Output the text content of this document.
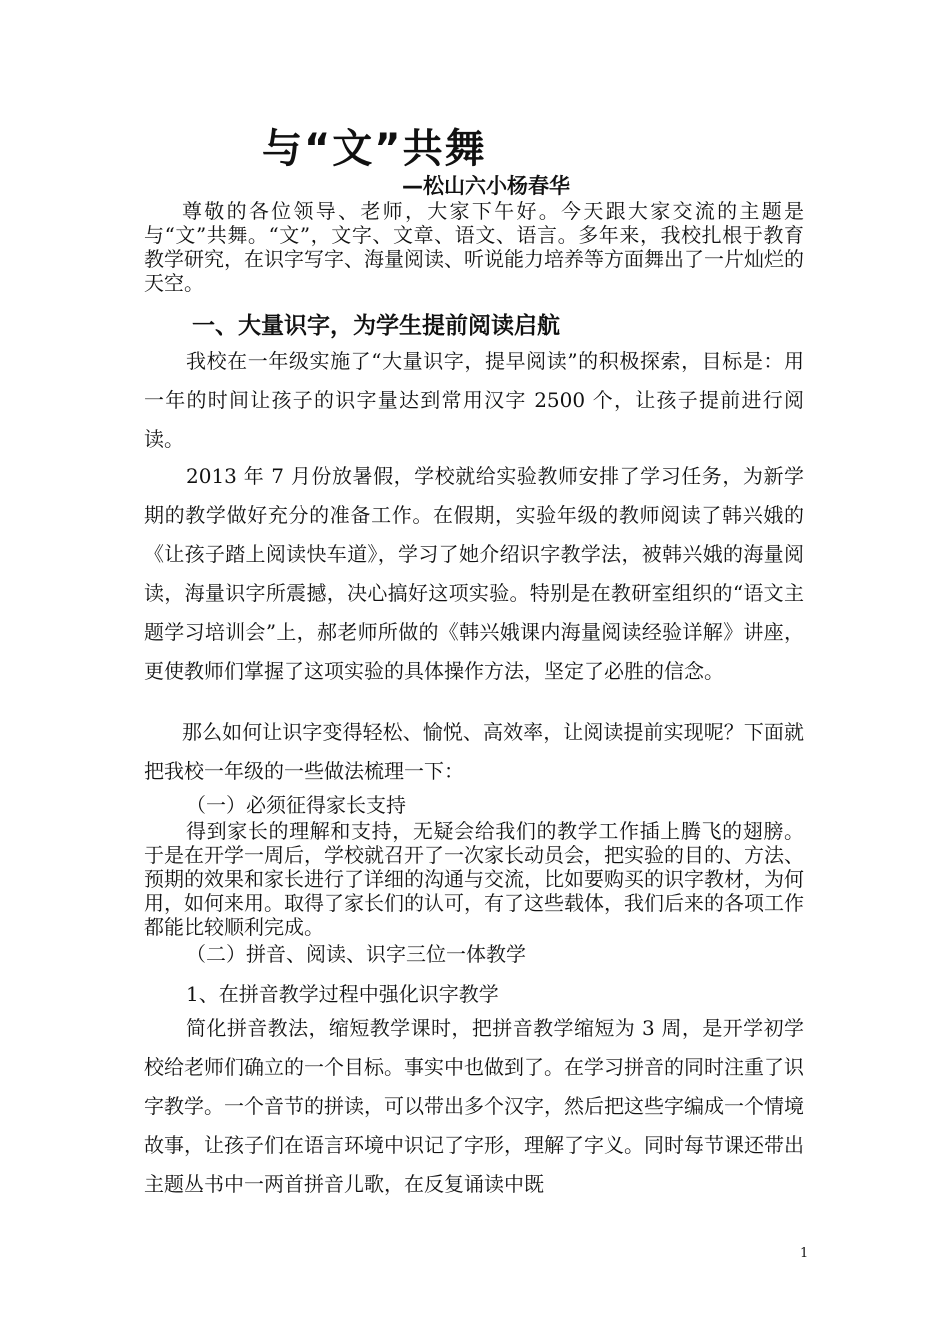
与“文”共舞
—松山六小杨春华

尊敬的各位领导、老师，大家下午好。今天跟大家交流的主题是与“文”共舞。“文”，文字、文章、语文、语言。多年来，我校扎根于教育教学研究，在识字写字、海量阅读、听说能力培养等方面舞出了一片灿烂的天空。

一、大量识字，为学生提前阅读启航

我校在一年级实施了“大量识字，提早阅读”的积极探索，目标是：用一年的时间让孩子的识字量达到常用汉字 2500 个，让孩子提前进行阅读。

2013 年 7 月份放暑假，学校就给实验教师安排了学习任务，为新学期的教学做好充分的准备工作。在假期，实验年级的教师阅读了韩兴娥的《让孩子踏上阅读快车道》，学习了她介绍识字教学法，被韩兴娥的海量阅读，海量识字所震撼，决心搞好这项实验。特别是在教研室组织的“语文主题学习培训会”上，郝老师所做的《韩兴娥课内海量阅读经验详解》讲座，更使教师们掌握了这项实验的具体操作方法，坚定了必胜的信念。

那么如何让识字变得轻松、愉悦、高效率，让阅读提前实现呢？下面就把我校一年级的一些做法梳理一下：

（一）必须征得家长支持

得到家长的理解和支持，无疑会给我们的教学工作插上腾飞的翅膀。于是在开学一周后，学校就召开了一次家长动员会，把实验的目的、方法、预期的效果和家长进行了详细的沟通与交流，比如要购买的识字教材，为何用，如何来用。取得了家长们的认可，有了这些载体，我们后来的各项工作都能比较顺利完成。

（二）拼音、阅读、识字三位一体教学
1、在拼音教学过程中强化识字教学

简化拼音教法，缩短教学课时，把拼音教学缩短为 3 周，是开学初学校给老师们确立的一个目标。事实中也做到了。在学习拼音的同时注重了识字教学。一个音节的拼读，可以带出多个汉字，然后把这些字编成一个情境故事，让孩子们在语言环境中识记了字形，理解了字义。同时每节课还带出主题丛书中一两首拼音儿歌，在反复诵读中既

1
